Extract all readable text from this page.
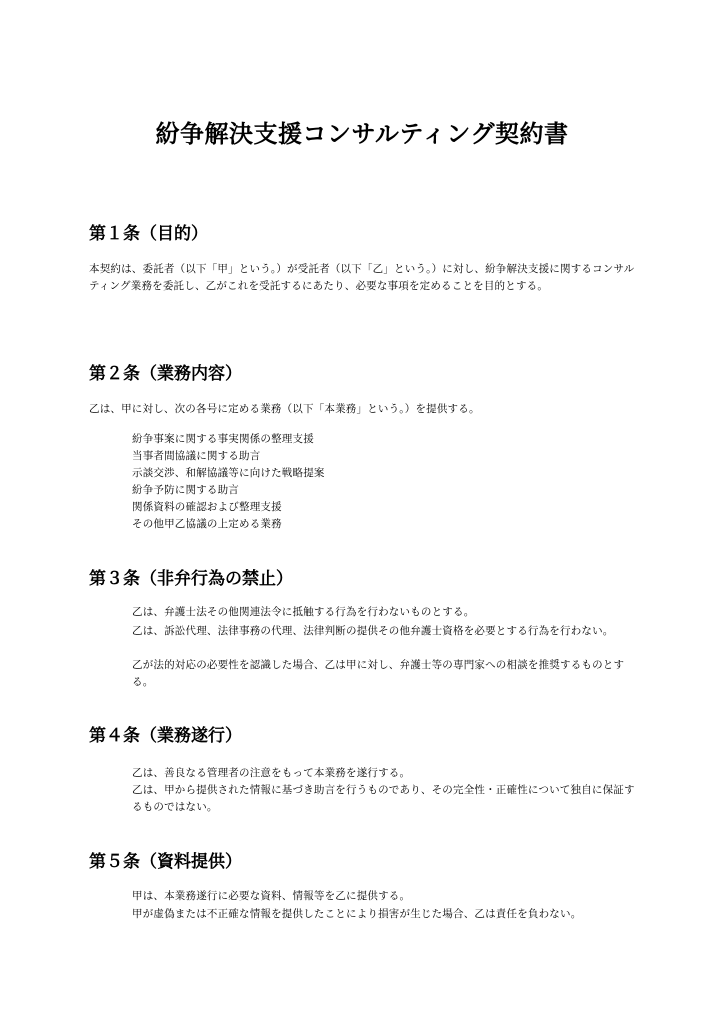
紛争解決支援コンサルティング契約書
第１条（目的）

本契約は、委託者（以下「甲」という。）が受託者（以下「乙」という。）に対し、紛争解決支援に関するコンサルティング業務を委託し、乙がこれを受託するにあたり、必要な事項を定めることを目的とする。

第２条（業務内容）

乙は、甲に対し、次の各号に定める業務（以下「本業務」という。）を提供する。

紛争事案に関する事実関係の整理支援
当事者間協議に関する助言
示談交渉、和解協議等に向けた戦略提案
紛争予防に関する助言
関係資料の確認および整理支援
その他甲乙協議の上定める業務
第３条（非弁行為の禁止）

乙は、弁護士法その他関連法令に抵触する行為を行わないものとする。

乙は、訴訟代理、法律事務の代理、法律判断の提供その他弁護士資格を必要とする行為を行わない。

乙が法的対応の必要性を認識した場合、乙は甲に対し、弁護士等の専門家への相談を推奨するものとする。

第４条（業務遂行）

乙は、善良なる管理者の注意をもって本業務を遂行する。

乙は、甲から提供された情報に基づき助言を行うものであり、その完全性・正確性について独自に保証するものではない。

第５条（資料提供）

甲は、本業務遂行に必要な資料、情報等を乙に提供する。

甲が虚偽または不正確な情報を提供したことにより損害が生じた場合、乙は責任を負わない。
